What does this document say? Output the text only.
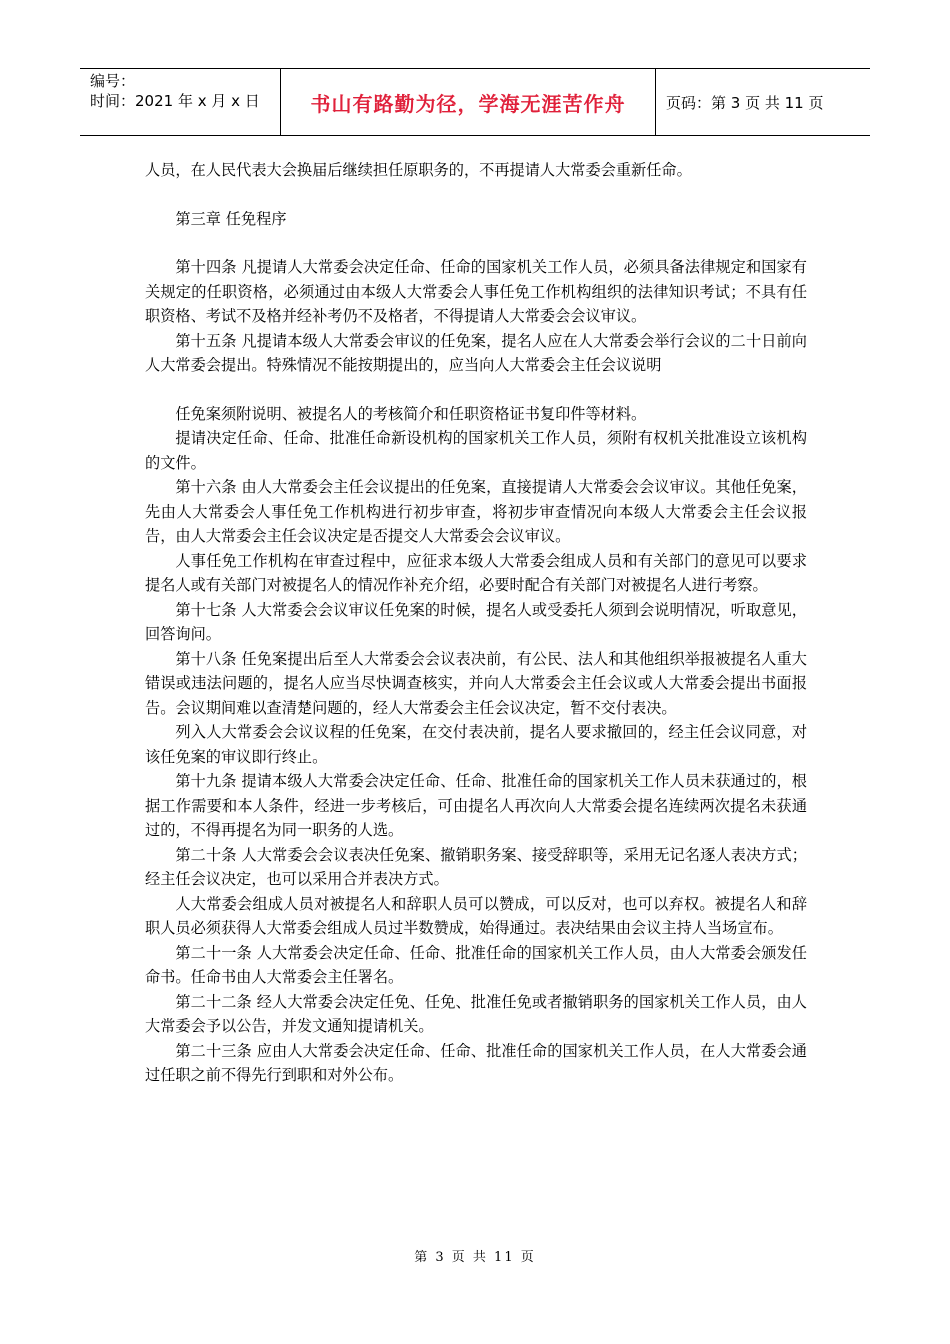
编号：
时间：2021 年 x 月 x 日	书山有路勤为径，学海无涯苦作舟	页码：第 3 页 共 11 页

人员，在人民代表大会换届后继续担任原职务的，不再提请人大常委会重新任命。

第三章 任免程序

第十四条 凡提请人大常委会决定任命、任命的国家机关工作人员，必须具备法律规定和国家有关规定的任职资格，必须通过由本级人大常委会人事任免工作机构组织的法律知识考试；不具有任职资格、考试不及格并经补考仍不及格者，不得提请人大常委会会议审议。

第十五条 凡提请本级人大常委会审议的任免案，提名人应在人大常委会举行会议的二十日前向人大常委会提出。特殊情况不能按期提出的，应当向人大常委会主任会议说明

任免案须附说明、被提名人的考核简介和任职资格证书复印件等材料。

提请决定任命、任命、批准任命新设机构的国家机关工作人员，须附有权机关批准设立该机构的文件。

第十六条 由人大常委会主任会议提出的任免案，直接提请人大常委会会议审议。其他任免案，先由人大常委会人事任免工作机构进行初步审查，将初步审查情况向本级人大常委会主任会议报告，由人大常委会主任会议决定是否提交人大常委会会议审议。

人事任免工作机构在审查过程中，应征求本级人大常委会组成人员和有关部门的意见可以要求提名人或有关部门对被提名人的情况作补充介绍，必要时配合有关部门对被提名人进行考察。

第十七条 人大常委会会议审议任免案的时候，提名人或受委托人须到会说明情况，听取意见，回答询问。

第十八条 任免案提出后至人大常委会会议表决前，有公民、法人和其他组织举报被提名人重大错误或违法问题的，提名人应当尽快调查核实，并向人大常委会主任会议或人大常委会提出书面报告。会议期间难以查清楚问题的，经人大常委会主任会议决定，暂不交付表决。

列入人大常委会会议议程的任免案，在交付表决前，提名人要求撤回的，经主任会议同意，对该任免案的审议即行终止。

第十九条 提请本级人大常委会决定任命、任命、批准任命的国家机关工作人员未获通过的，根据工作需要和本人条件，经进一步考核后，可由提名人再次向人大常委会提名连续两次提名未获通过的，不得再提名为同一职务的人选。

第二十条 人大常委会会议表决任免案、撤销职务案、接受辞职等，采用无记名逐人表决方式；经主任会议决定，也可以采用合并表决方式。

人大常委会组成人员对被提名人和辞职人员可以赞成，可以反对，也可以弃权。被提名人和辞职人员必须获得人大常委会组成人员过半数赞成，始得通过。表决结果由会议主持人当场宣布。

第二十一条 人大常委会决定任命、任命、批准任命的国家机关工作人员，由人大常委会颁发任命书。任命书由人大常委会主任署名。

第二十二条 经人大常委会决定任免、任免、批准任免或者撤销职务的国家机关工作人员，由人大常委会予以公告，并发文通知提请机关。

第二十三条 应由人大常委会决定任命、任命、批准任命的国家机关工作人员，在人大常委会通过任职之前不得先行到职和对外公布。

第 3 页 共 11 页
